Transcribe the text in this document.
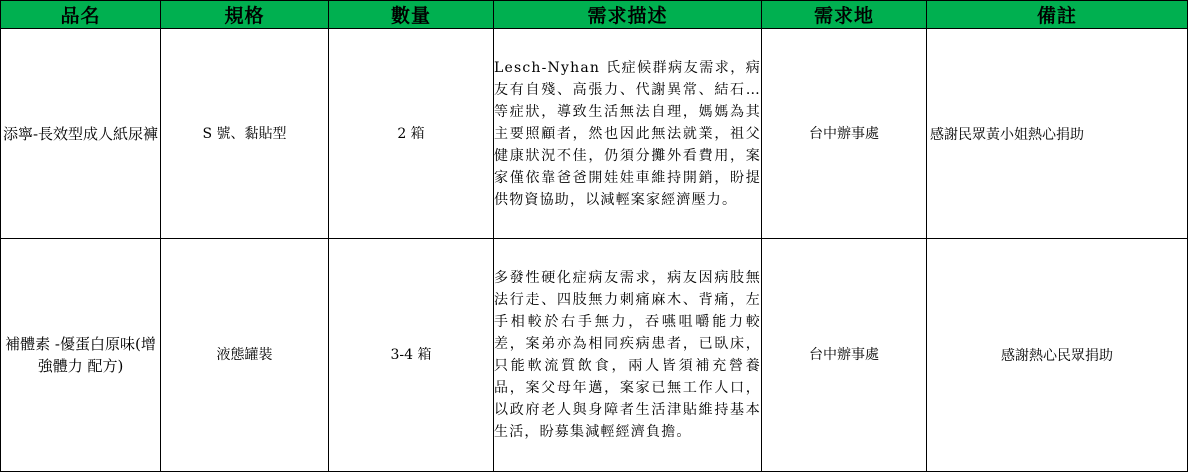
品名	規格	數量	需求描述	需求地	備註
添寧-長效型成人紙尿褲	S 號、黏貼型	2 箱	Lesch-Nyhan 氏症候群病友需求，病友有自殘、高張力、代謝異常、結石…等症狀，導致生活無法自理，媽媽為其主要照顧者，然也因此無法就業，祖父健康狀況不佳，仍須分攤外看費用，案家僅依靠爸爸開娃娃車維持開銷，盼提供物資協助，以減輕案家經濟壓力。	台中辦事處	感謝民眾黃小姐熱心捐助
補體素 -優蛋白原味(增強體力 配方)	液態罐裝	3-4 箱	多發性硬化症病友需求，病友因病肢無法行走、四肢無力刺痛麻木、背痛，左手相較於右手無力，吞嚥咀嚼能力較差，案弟亦為相同疾病患者，已臥床，只能軟流質飲食，兩人皆須補充營養品，案父母年邁，案家已無工作人口，以政府老人與身障者生活津貼維持基本生活，盼募集減輕經濟負擔。	台中辦事處	感謝熱心民眾捐助
